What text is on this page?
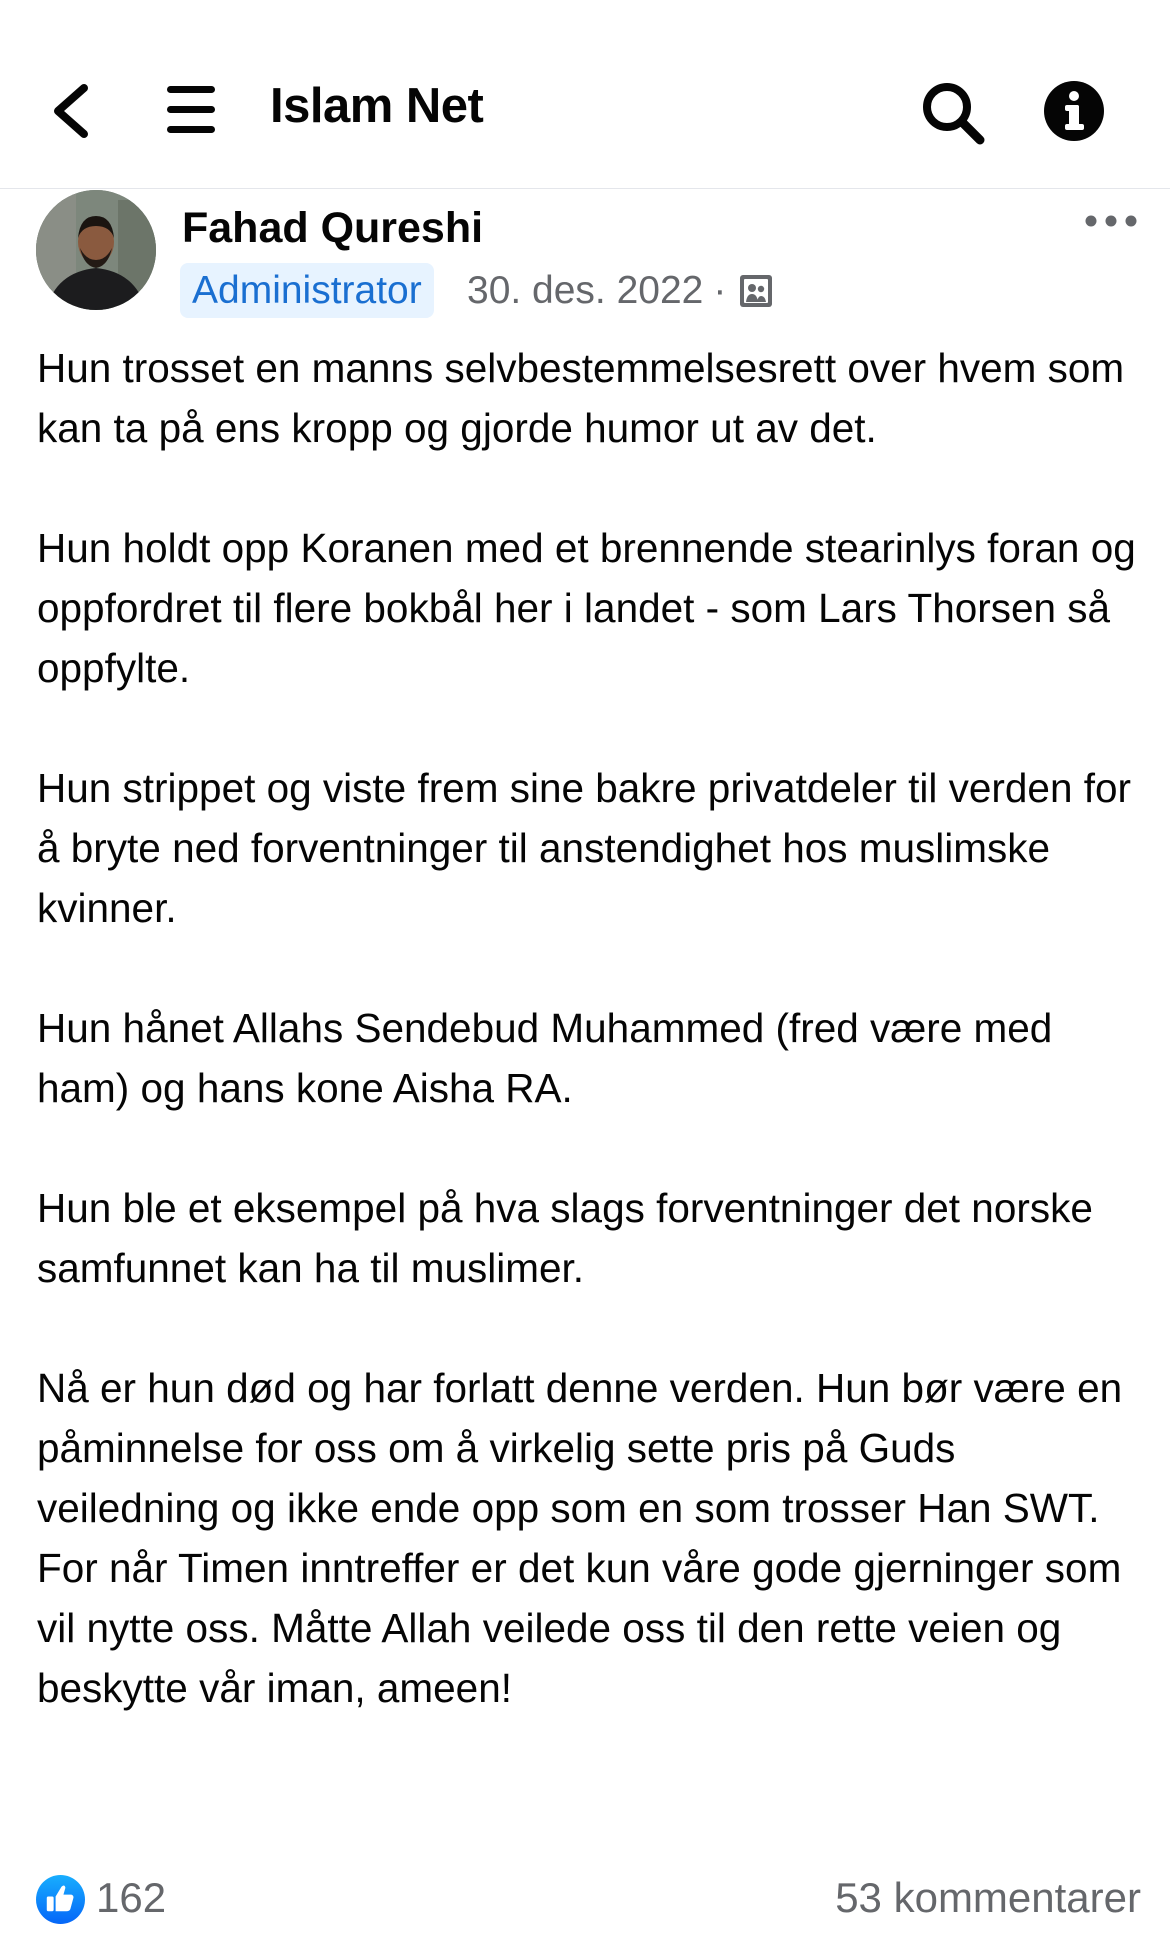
Islam Net
Fahad Qureshi
Administrator	30. des. 2022 ·

Hun trosset en manns selvbestemmelsesrett over hvem som kan ta på ens kropp og gjorde humor ut av det.

Hun holdt opp Koranen med et brennende stearinlys foran og oppfordret til flere bokbål her i landet - som Lars Thorsen så oppfylte.

Hun strippet og viste frem sine bakre privatdeler til verden for å bryte ned forventninger til anstendighet hos muslimske kvinner.

Hun hånet Allahs Sendebud Muhammed (fred være med ham) og hans kone Aisha RA.

Hun ble et eksempel på hva slags forventninger det norske samfunnet kan ha til muslimer.

Nå er hun død og har forlatt denne verden. Hun bør være en påminnelse for oss om å virkelig sette pris på Guds veiledning og ikke ende opp som en som trosser Han SWT. For når Timen inntreffer er det kun våre gode gjerninger som vil nytte oss. Måtte Allah veilede oss til den rette veien og beskytte vår iman, ameen!

162	53 kommentarer
